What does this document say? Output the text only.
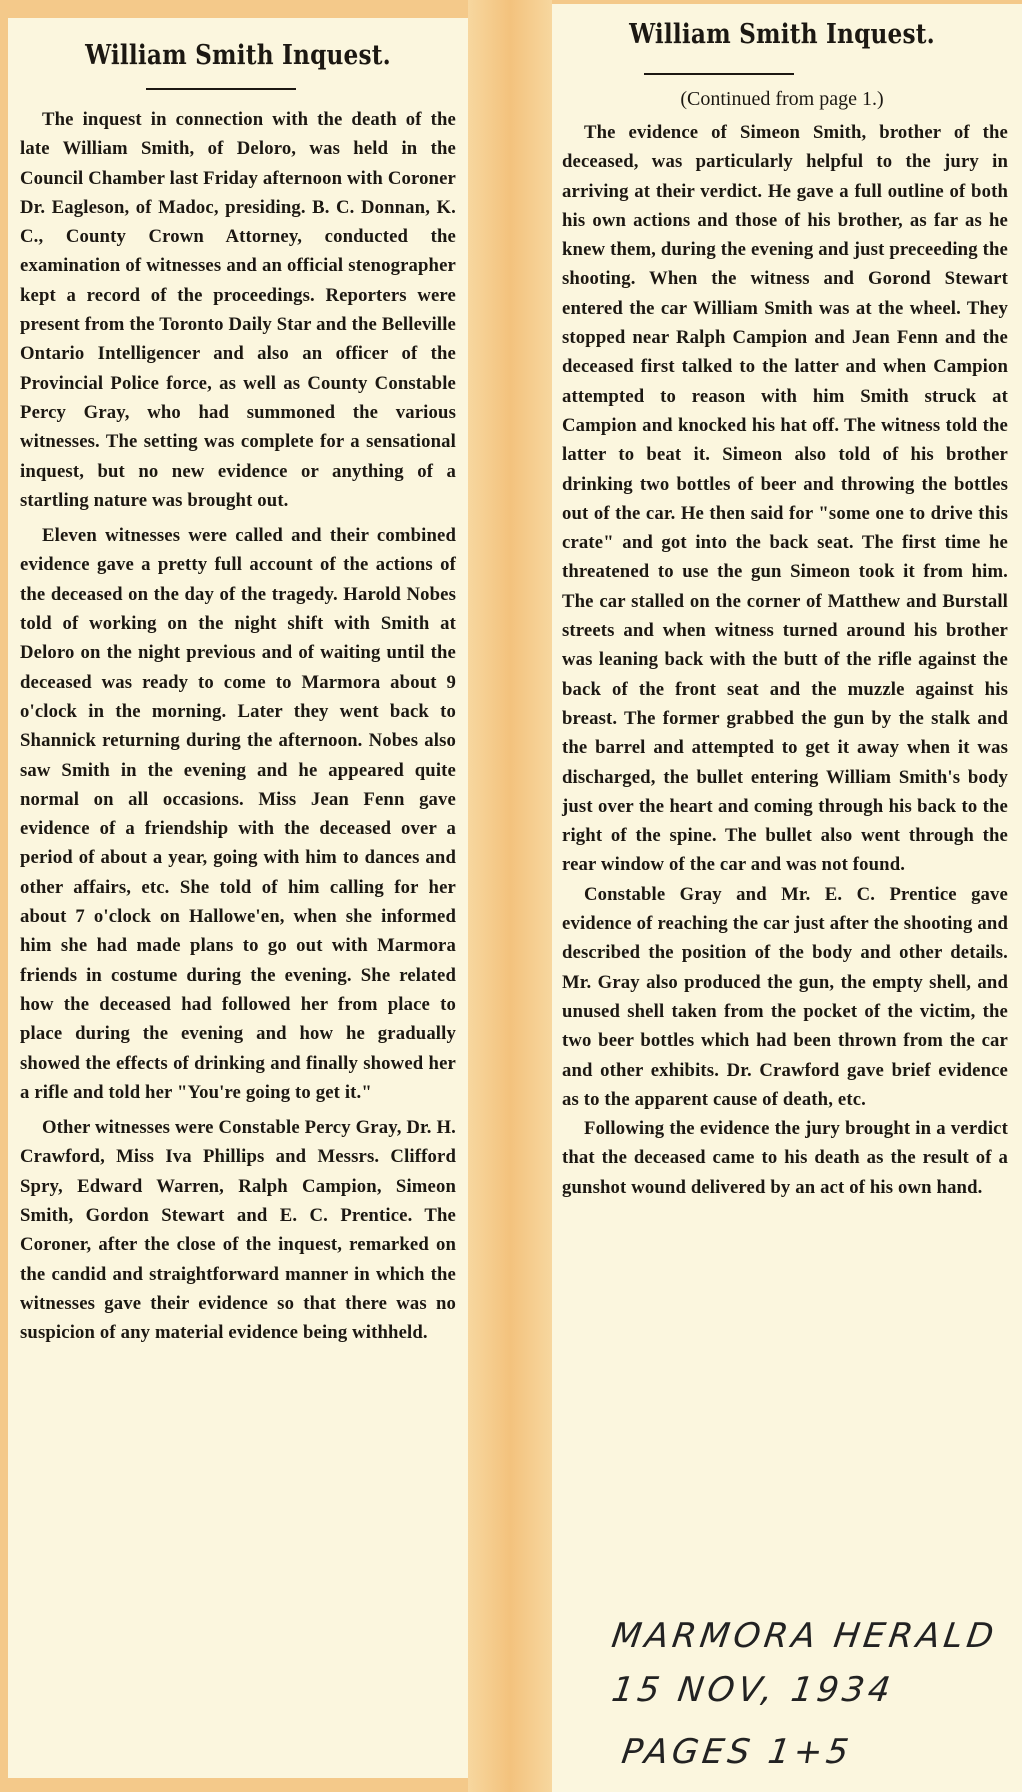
William Smith Inquest.

The inquest in connection with the death of the late William Smith, of Deloro, was held in the Council Chamber last Friday afternoon with Coroner Dr. Eagleson, of Madoc, presiding. B. C. Donnan, K. C., County Crown Attorney, conducted the examination of witnesses and an official stenographer kept a record of the proceedings. Reporters were present from the Toronto Daily Star and the Belleville Ontario Intelligencer and also an officer of the Provincial Police force, as well as County Constable Percy Gray, who had summoned the various witnesses. The setting was complete for a sensational inquest, but no new evidence or anything of a startling nature was brought out.

Eleven witnesses were called and their combined evidence gave a pretty full account of the actions of the deceased on the day of the tragedy. Harold Nobes told of working on the night shift with Smith at Deloro on the night previous and of waiting until the deceased was ready to come to Marmora about 9 o'clock in the morning. Later they went back to Shannick returning during the afternoon. Nobes also saw Smith in the evening and he appeared quite normal on all occasions. Miss Jean Fenn gave evidence of a friendship with the deceased over a period of about a year, going with him to dances and other affairs, etc. She told of him calling for her about 7 o'clock on Hallowe'en, when she informed him she had made plans to go out with Marmora friends in costume during the evening. She related how the deceased had followed her from place to place during the evening and how he gradually showed the effects of drinking and finally showed her a rifle and told her "You're going to get it."

Other witnesses were Constable Percy Gray, Dr. H. Crawford, Miss Iva Phillips and Messrs. Clifford Spry, Edward Warren, Ralph Campion, Simeon Smith, Gordon Stewart and E. C. Prentice. The Coroner, after the close of the inquest, remarked on the candid and straightforward manner in which the witnesses gave their evidence so that there was no suspicion of any material evidence being withheld.

William Smith Inquest.
(Continued from page 1.)

The evidence of Simeon Smith, brother of the deceased, was particularly helpful to the jury in arriving at their verdict. He gave a full outline of both his own actions and those of his brother, as far as he knew them, during the evening and just preceeding the shooting. When the witness and Gorond Stewart entered the car William Smith was at the wheel. They stopped near Ralph Campion and Jean Fenn and the deceased first talked to the latter and when Campion attempted to reason with him Smith struck at Campion and knocked his hat off. The witness told the latter to beat it. Simeon also told of his brother drinking two bottles of beer and throwing the bottles out of the car. He then said for "some one to drive this crate" and got into the back seat. The first time he threatened to use the gun Simeon took it from him. The car stalled on the corner of Matthew and Burstall streets and when witness turned around his brother was leaning back with the butt of the rifle against the back of the front seat and the muzzle against his breast. The former grabbed the gun by the stalk and the barrel and attempted to get it away when it was discharged, the bullet entering William Smith's body just over the heart and coming through his back to the right of the spine. The bullet also went through the rear window of the car and was not found.

Constable Gray and Mr. E. C. Prentice gave evidence of reaching the car just after the shooting and described the position of the body and other details. Mr. Gray also produced the gun, the empty shell, and unused shell taken from the pocket of the victim, the two beer bottles which had been thrown from the car and other exhibits. Dr. Crawford gave brief evidence as to the apparent cause of death, etc.

Following the evidence the jury brought in a verdict that the deceased came to his death as the result of a gunshot wound delivered by an act of his own hand.

MARMORA HERALD
15 NOV, 1934
PAGES 1+5
